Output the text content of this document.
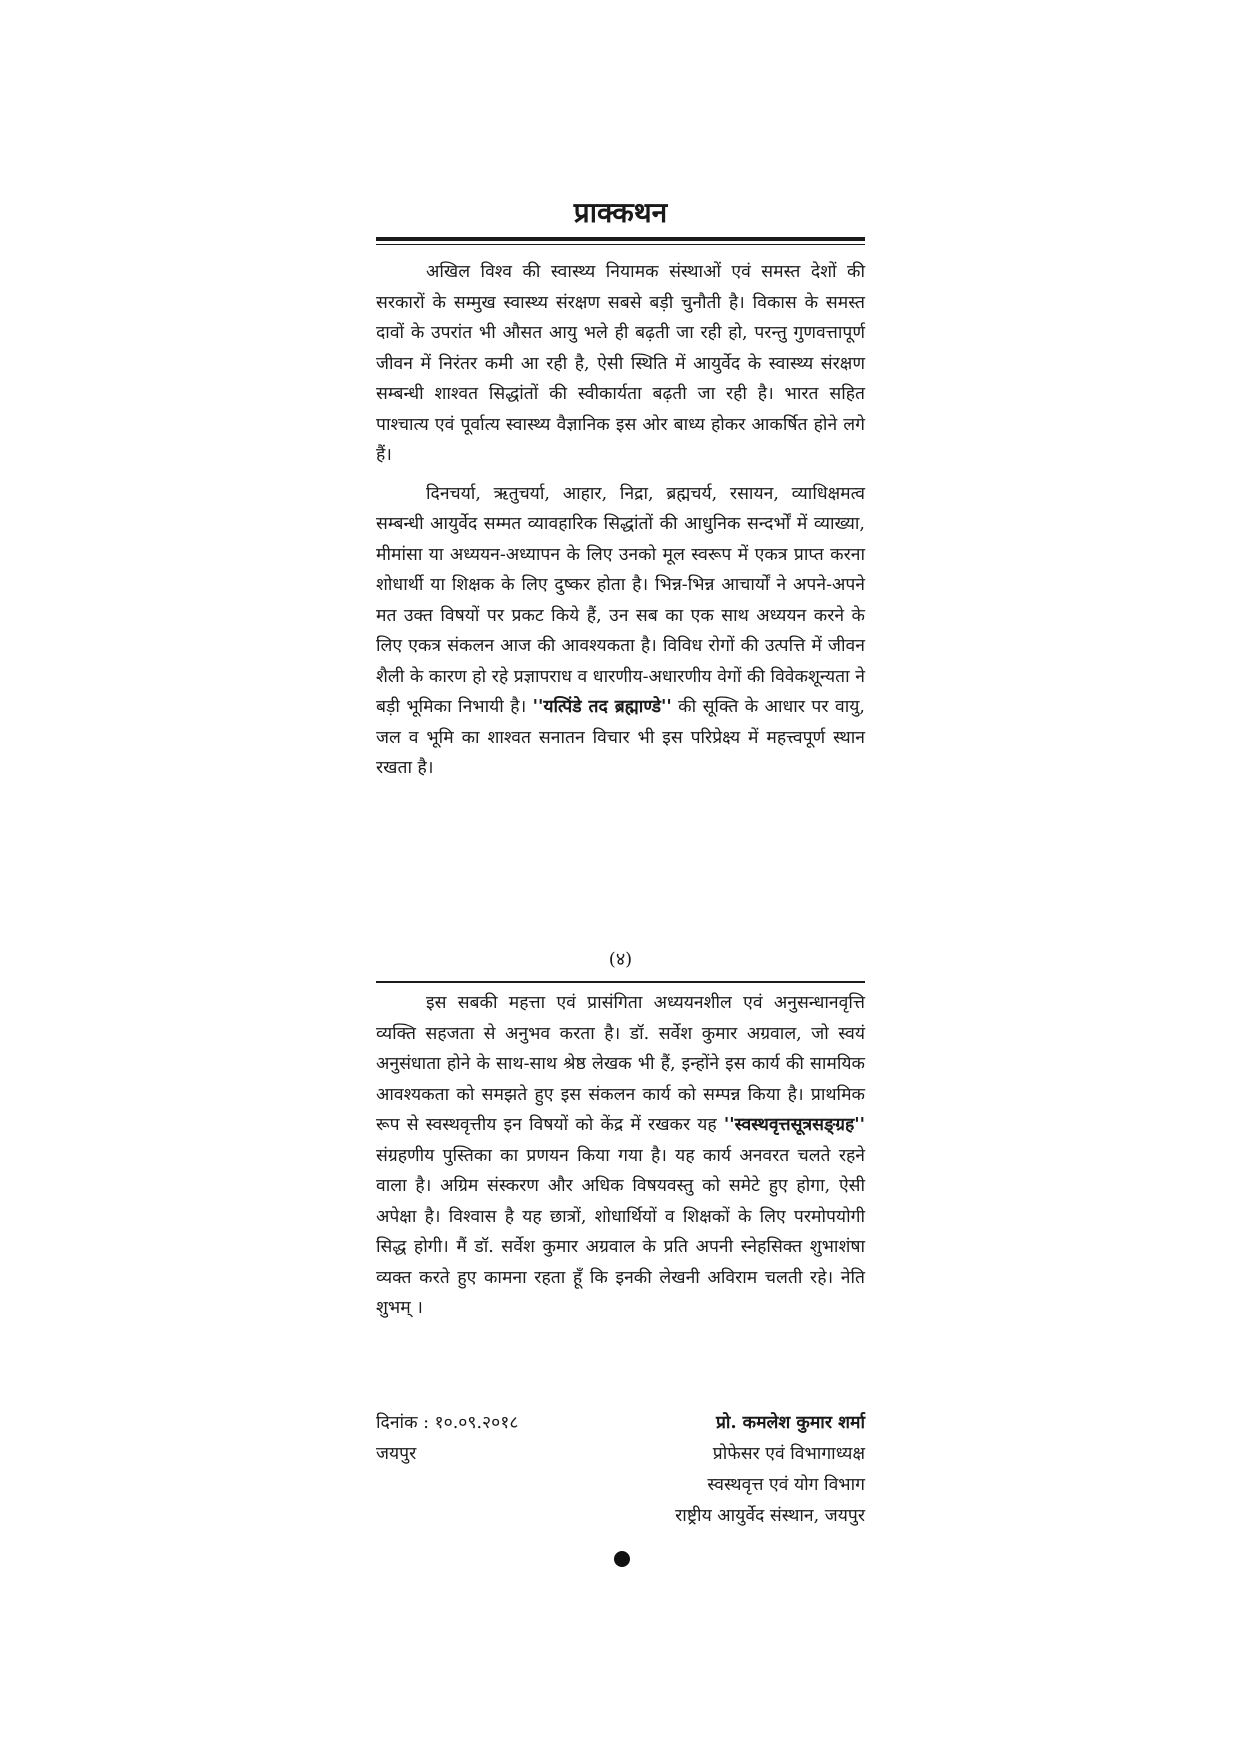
प्राक्कथन

अखिल विश्व की स्वास्थ्य नियामक संस्थाओं एवं समस्त देशों की सरकारों के सम्मुख स्वास्थ्य संरक्षण सबसे बड़ी चुनौती है। विकास के समस्त दावों के उपरांत भी औसत आयु भले ही बढ़ती जा रही हो, परन्तु गुणवत्तापूर्ण जीवन में निरंतर कमी आ रही है, ऐसी स्थिति में आयुर्वेद के स्वास्थ्य संरक्षण सम्बन्धी शाश्वत सिद्धांतों की स्वीकार्यता बढ़ती जा रही है। भारत सहित पाश्चात्य एवं पूर्वात्य स्वास्थ्य वैज्ञानिक इस ओर बाध्य होकर आकर्षित होने लगे हैं।

दिनचर्या, ऋतुचर्या, आहार, निद्रा, ब्रह्मचर्य, रसायन, व्याधिक्षमत्व सम्बन्धी आयुर्वेद सम्मत व्यावहारिक सिद्धांतों की आधुनिक सन्दर्भों में व्याख्या, मीमांसा या अध्ययन-अध्यापन के लिए उनको मूल स्वरूप में एकत्र प्राप्त करना शोधार्थी या शिक्षक के लिए दुष्कर होता है। भिन्न-भिन्न आचार्यों ने अपने-अपने मत उक्त विषयों पर प्रकट किये हैं, उन सब का एक साथ अध्ययन करने के लिए एकत्र संकलन आज की आवश्यकता है। विविध रोगों की उत्पत्ति में जीवन शैली के कारण हो रहे प्रज्ञापराध व धारणीय-अधारणीय वेगों की विवेकशून्यता ने बड़ी भूमिका निभायी है। ''यत्पिंडे तद ब्रह्माण्डे'' की सूक्ति के आधार पर वायु, जल व भूमि का शाश्वत सनातन विचार भी इस परिप्रेक्ष्य में महत्त्वपूर्ण स्थान रखता है।

(४)

इस सबकी महत्ता एवं प्रासंगिता अध्ययनशील एवं अनुसन्धानवृत्ति व्यक्ति सहजता से अनुभव करता है। डॉ. सर्वेश कुमार अग्रवाल, जो स्वयं अनुसंधाता होने के साथ-साथ श्रेष्ठ लेखक भी हैं, इन्होंने इस कार्य की सामयिक आवश्यकता को समझते हुए इस संकलन कार्य को सम्पन्न किया है। प्राथमिक रूप से स्वस्थवृत्तीय इन विषयों को केंद्र में रखकर यह ''स्वस्थवृत्तसूत्रसङ्ग्रह'' संग्रहणीय पुस्तिका का प्रणयन किया गया है। यह कार्य अनवरत चलते रहने वाला है। अग्रिम संस्करण और अधिक विषयवस्तु को समेटे हुए होगा, ऐसी अपेक्षा है। विश्वास है यह छात्रों, शोधार्थियों व शिक्षकों के लिए परमोपयोगी सिद्ध होगी। मैं डॉ. सर्वेश कुमार अग्रवाल के प्रति अपनी स्नेहसिक्त शुभाशंषा व्यक्त करते हुए कामना रहता हूँ कि इनकी लेखनी अविराम चलती रहे। नेति शुभम् ।

दिनांक : १०.०९.२०१८
जयपुर
प्रो. कमलेश कुमार शर्मा
प्रोफेसर एवं विभागाध्यक्ष
स्वस्थवृत्त एवं योग विभाग
राष्ट्रीय आयुर्वेद संस्थान, जयपुर
